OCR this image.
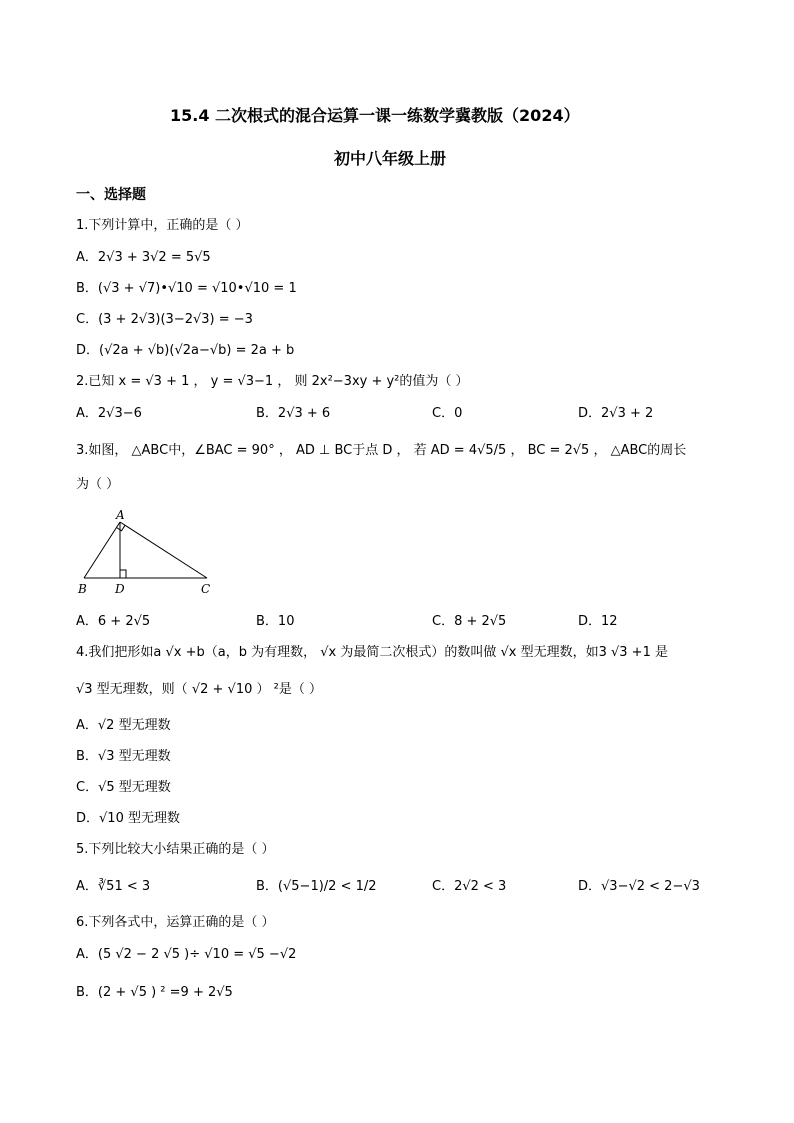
15.4 二次根式的混合运算一课一练数学冀教版（2024）
初中八年级上册
一、选择题
1.下列计算中，正确的是（ ）
A．2√3 + 3√2 = 5√5
B．(√3 + √7)•√10 = √10•√10 = 1
C．(3 + 2√3)(3−2√3) = −3
D．(√2a + √b)(√2a−√b) = 2a + b
2.已知 x = √3 + 1 ， y = √3−1 ， 则 2x²−3xy + y²的值为（ ）
A．2√3−6	B．2√3 + 6	C．0	D．2√3 + 2
3.如图， △ABC中，∠BAC = 90° ， AD ⊥ BC于点 D ， 若 AD = 4√5/5 ， BC = 2√5 ， △ABC的周长
为（ ）
A
B D	C
A．6 + 2√5	B．10	C．8 + 2√5	D．12
4.我们把形如a √x +b（a，b 为有理数， √x 为最简二次根式）的数叫做 √x 型无理数，如3 √3 +1 是
√3 型无理数，则（ √2 + √10 ） ²是（ ）
A．√2 型无理数
B．√3 型无理数
C．√5 型无理数
D．√10 型无理数
5.下列比较大小结果正确的是（ ）
A．∛51 < 3	B．(√5−1)/2 < 1/2	C．2√2 < 3	D．√3−√2 < 2−√3
6.下列各式中，运算正确的是（ ）
A．(5 √2 − 2 √5 )÷ √10 = √5 −√2
B．(2 + √5 ) ² =9 + 2√5
